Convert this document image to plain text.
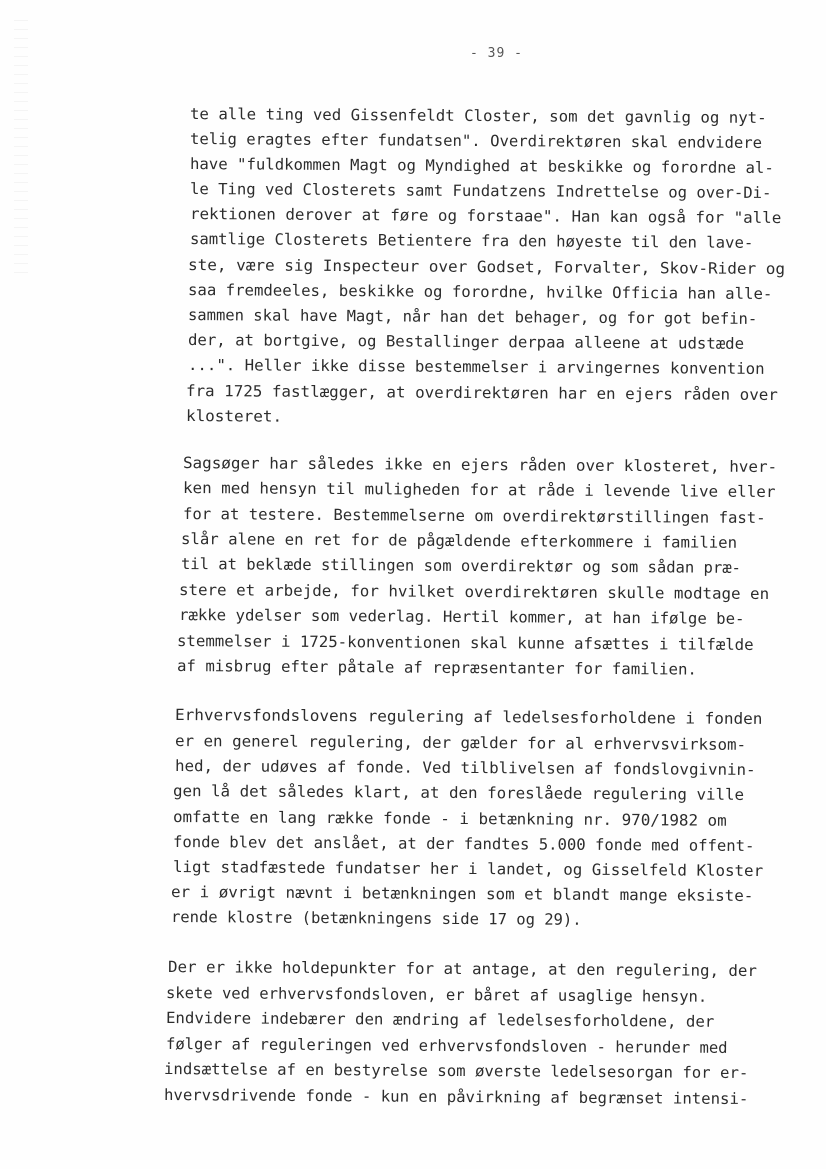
- 39 -
te alle ting ved Gissenfeldt Closter, som det gavnlig og nyt-
telig eragtes efter fundatsen". Overdirektøren skal endvidere
have "fuldkommen Magt og Myndighed at beskikke og forordne al-
le Ting ved Closterets samt Fundatzens Indrettelse og over-Di-
rektionen derover at føre og forstaae". Han kan også for "alle
samtlige Closterets Betientere fra den høyeste til den lave-
ste, være sig Inspecteur over Godset, Forvalter, Skov-Rider og
saa fremdeeles, beskikke og forordne, hvilke Officia han alle-
sammen skal have Magt, når han det behager, og for got befin-
der, at bortgive, og Bestallinger derpaa alleene at udstæde
...". Heller ikke disse bestemmelser i arvingernes konvention
fra 1725 fastlægger, at overdirektøren har en ejers råden over
klosteret.
Sagsøger har således ikke en ejers råden over klosteret, hver-
ken med hensyn til muligheden for at råde i levende live eller
for at testere. Bestemmelserne om overdirektørstillingen fast-
slår alene en ret for de pågældende efterkommere i familien
til at beklæde stillingen som overdirektør og som sådan præ-
stere et arbejde, for hvilket overdirektøren skulle modtage en
række ydelser som vederlag. Hertil kommer, at han ifølge be-
stemmelser i 1725-konventionen skal kunne afsættes i tilfælde
af misbrug efter påtale af repræsentanter for familien.
Erhvervsfondslovens regulering af ledelsesforholdene i fonden
er en generel regulering, der gælder for al erhvervsvirksom-
hed, der udøves af fonde. Ved tilblivelsen af fondslovgivnin-
gen lå det således klart, at den foreslåede regulering ville
omfatte en lang række fonde - i betænkning nr. 970/1982 om
fonde blev det anslået, at der fandtes 5.000 fonde med offent-
ligt stadfæstede fundatser her i landet, og Gisselfeld Kloster
er i øvrigt nævnt i betænkningen som et blandt mange eksiste-
rende klostre (betænkningens side 17 og 29).
Der er ikke holdepunkter for at antage, at den regulering, der
skete ved erhvervsfondsloven, er båret af usaglige hensyn.
Endvidere indebærer den ændring af ledelsesforholdene, der
følger af reguleringen ved erhvervsfondsloven - herunder med
indsættelse af en bestyrelse som øverste ledelsesorgan for er-
hvervsdrivende fonde - kun en påvirkning af begrænset intensi-
